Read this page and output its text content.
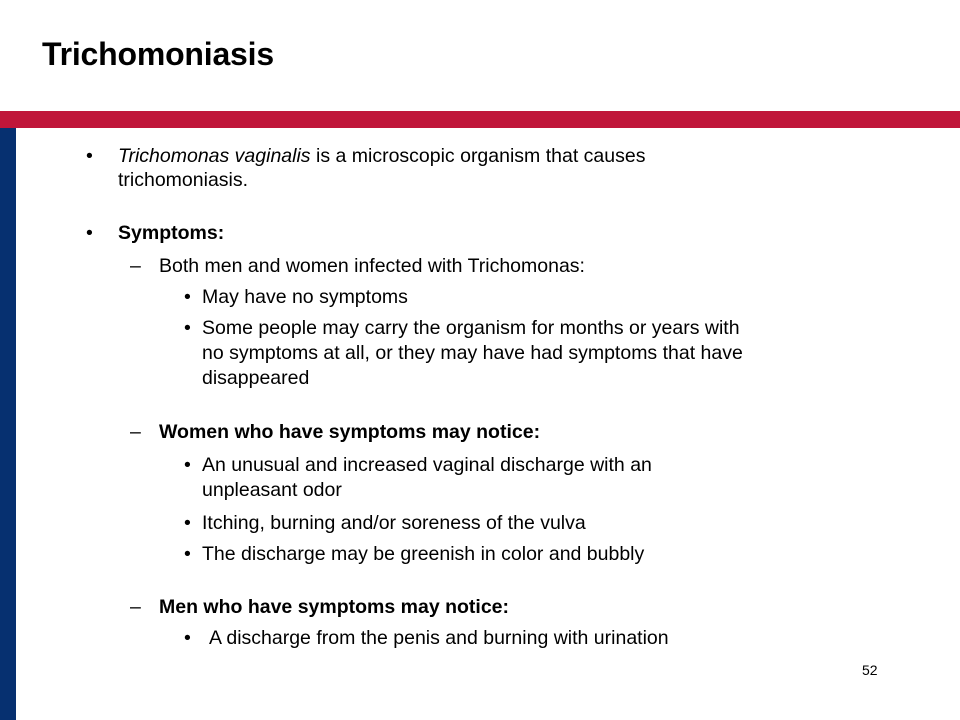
Trichomoniasis
• Trichomonas vaginalis is a microscopic organism that causes
trichomoniasis.
• Symptoms:
– Both men and women infected with Trichomonas:
• May have no symptoms
• Some people may carry the organism for months or years with
no symptoms at all, or they may have had symptoms that have
disappeared
– Women who have symptoms may notice:
• An unusual and increased vaginal discharge with an
unpleasant odor
• Itching, burning and/or soreness of the vulva
• The discharge may be greenish in color and bubbly
– Men who have symptoms may notice:
• A discharge from the penis and burning with urination
52
